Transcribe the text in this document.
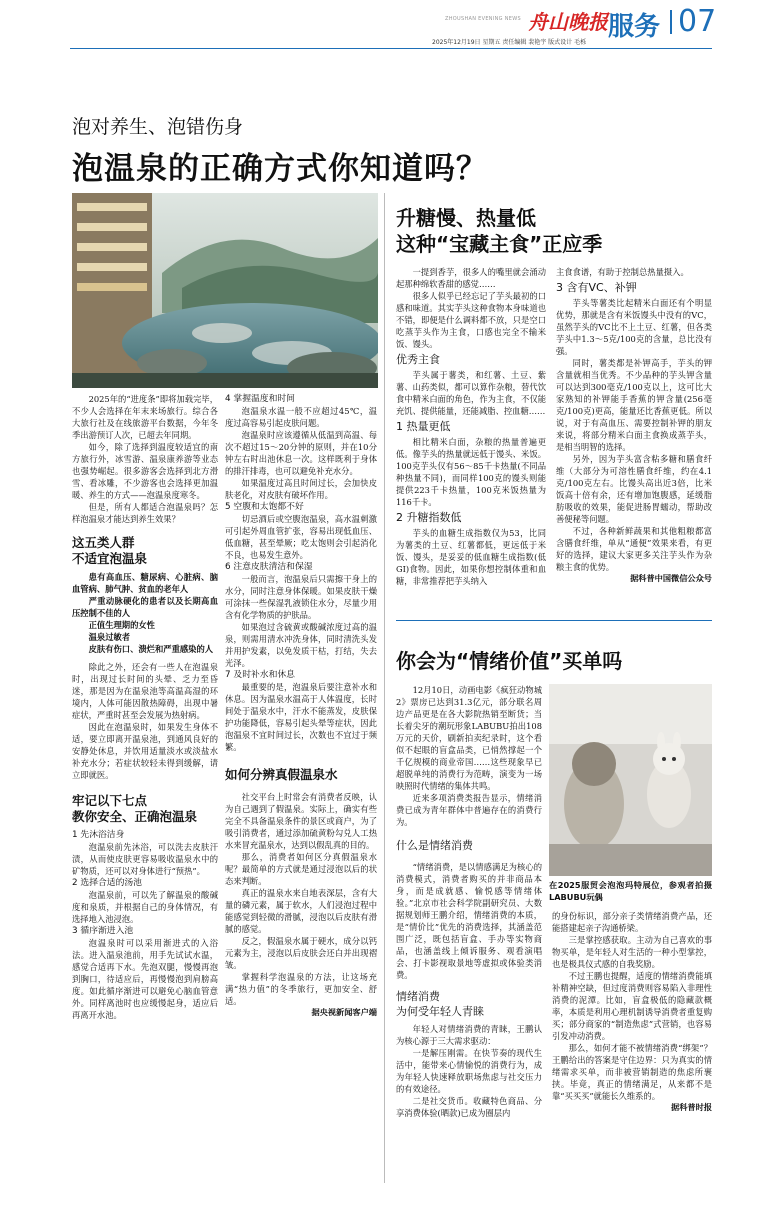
ZHOUSHAN EVENING NEWS 舟山晚报 服务 07
2025年12月19日 星期五 责任编辑 裴艳宇 版式设计 毛栎
泡对养生、泡错伤身
泡温泉的正确方式你知道吗？

2025年的“进度条”即将加载完毕，不少人会选择在年末来场旅行。综合各大旅行社及在线旅游平台数据，今年冬季出游预订人次，已超去年同期。

如今，除了选择到温度较适宜的南方旅行外，冰雪游、温泉康养游等业态也强势崛起。很多游客会选择到北方滑雪、看冰雕，不少游客也会选择更加温暖、养生的方式——泡温泉度寒冬。

但是，所有人都适合泡温泉吗？怎样泡温泉才能达到养生效果？

这五类人群
不适宜泡温泉

患有高血压、糖尿病、心脏病、脑血管病、肺气肿、贫血的老年人

严重动脉硬化的患者以及长期高血压控制不佳的人

正值生理期的女性

温泉过敏者

皮肤有伤口、溃烂和严重感染的人

除此之外，还会有一些人在泡温泉时，出现过长时间的头晕、乏力至昏迷，那是因为在温泉池等高温高湿的环境内，人体可能因散热障碍，出现中暑症状，严重时甚至会发展为热射病。

因此在泡温泉时，如果发生身体不适，要立即离开温泉池，到通风良好的安静处休息，并饮用适量淡水或淡盐水补充水分；若症状较轻未得到缓解，请立即就医。

牢记以下七点
教你安全、正确泡温泉
1 先沐浴洁身

泡温泉前先沐浴，可以洗去皮肤汗渍，从而使皮肤更容易吸收温泉水中的矿物质，还可以对身体进行“预热”。

2 选择合适的汤池

泡温泉前，可以先了解温泉的酸碱度和泉质，并根据自己的身体情况，有选择地入池浸泡。

3 循序渐进入池

泡温泉时可以采用渐进式的入浴法。进入温泉池前，用手先试试水温，感觉合适再下水。先泡双腿，慢慢再泡到胸口，待适应后，再慢慢泡到肩膀高度。如此循序渐进可以避免心脑血管意外。同样离池时也应缓慢起身，适应后再离开水池。

4 掌握温度和时间

泡温泉水温一般不应超过45℃，温度过高容易引起皮肤问题。

泡温泉时应该遵循从低温到高温、每次不超过15～20分钟的原则，并在10分钟左右时出池休息一次。这样既利于身体的排汗排毒，也可以避免补充水分。

如果温度过高且时间过长，会加快皮肤老化，对皮肤有破坏作用。

5 空腹和太饱都不好

切忌酒后或空腹泡温泉，高水温刺激可引起外周血管扩张，容易出现低血压、低血糖，甚至晕厥；吃太饱则会引起消化不良，也易发生意外。

6 注意皮肤清洁和保湿

一般而言，泡温泉后只需擦干身上的水分，同时注意身体保暖。如果皮肤干燥可涂抹一些保湿乳液锁住水分，尽量少用含有化学物质的护肤品。

如果泡过含硫黄或酸碱浓度过高的温泉，则需用清水冲洗身体，同时清洗头发并用护发素，以免发质干枯，打结，失去光泽。

7 及时补水和休息

最重要的是，泡温泉后要注意补水和休息。因为温泉水温高于人体温度，长时间处于温泉水中，汗水不能蒸发，皮肤保护功能降低，容易引起头晕等症状，因此泡温泉不宜时间过长，次数也不宜过于频繁。

如何分辨真假温泉水

社交平台上时常会有消费者反映，认为自己遇到了假温泉。实际上，确实有些完全不具备温泉条件的景区或商户，为了吸引消费者，通过添加硫黄粉勾兑人工热水来冒充温泉水，达到以假乱真的目的。

那么，消费者如何区分真假温泉水呢？最简单的方式就是通过浸泡以后的状态来判断。

真正的温泉水来自地表深层，含有大量的磷元素，属于软水，人们浸泡过程中能感觉到轻微的滑腻，浸泡以后皮肤有滑腻的感觉。

反之，假温泉水属于硬水，成分以钙元素为主，浸泡以后皮肤会还白并出现褶皱。

掌握科学泡温泉的方法，让这场充满“热力值”的冬季旅行，更加安全、舒适。

据央视新闻客户端
升糖慢、热量低
这种“宝藏主食”正应季

一提到香芋，很多人的嘴里就会涌动起那种绵软香甜的感觉……

很多人似乎已经忘记了芋头最初的口感和味道。其实芋头这种食物本身味道也不错，即便是什么调料都不放，只是空口吃蒸芋头作为主食，口感也完全不输米饭、馒头。

优秀主食

芋头属于薯类，和红薯、土豆、紫薯、山药类似，都可以算作杂粮，替代饮食中精米白面的角色，作为主食，不仅能充饥、提供能量，还能减脂、控血糖……

1 热量更低

相比精米白面，杂粮的热量普遍更低。像芋头的热量就远低于馒头、米饭。100克芋头仅有56～85千卡热量(不同品种热量不同)，而同样100克的馒头则能提供223千卡热量，100克米饭热量为116千卡。

2 升糖指数低

芋头的血糖生成指数仅为53，比同为薯类的土豆、红薯都低，更远低于米饭、馒头，是妥妥的低血糖生成指数(低GI)食物。因此，如果你想控制体重和血糖，非常推荐把芋头纳入

主食食谱，有助于控制总热量摄入。

3 含有VC、补钾

芋头等薯类比起精米白面还有个明显优势，那就是含有米饭馒头中没有的VC，虽然芋头的VC比不上土豆、红薯，但各类芋头中1.3～5克/100克的含量，总比没有强。

同时，薯类都是补钾高手，芋头的钾含量就相当优秀。不少品种的芋头钾含量可以达到300毫克/100克以上，这可比大家熟知的补钾能手香蕉的钾含量(256毫克/100克)更高，能量还比香蕉更低。所以说，对于有高血压、需要控制补钾的朋友来说，将部分精米白面主食换成蒸芋头，是相当明智的选择。

另外，因为芋头富含粘多糖和膳食纤维（大部分为可溶性膳食纤维，约在4.1克/100克左右。比馒头高出近3倍，比米饭高十倍有余，还有增加饱腹感，延缓脂肪吸收的效果，能促进肠胃蠕动，帮助改善便秘等问题。

不过，各种新鲜蔬果和其他粗粮都富含膳食纤维，单从“通便”效果来看，有更好的选择，建议大家更多关注芋头作为杂粮主食的优势。

据科普中国微信公众号
你会为“情绪价值”买单吗

12月10日，动画电影《疯狂动物城2》票房已达到31.3亿元，部分联名周边产品更是在各大影院热销至断货；当长着尖牙的潮玩形象LABUBU拍出108万元的天价，刷新拍卖纪录时，这个看似不起眼的盲盒品类，已悄然撑起一个千亿规模的商业帝国……这些现象早已超脱单纯的消费行为范畴，演变为一场映照时代情绪的集体共鸣。

近来多项消费类报告显示，情绪消费已成为青年群体中普遍存在的消费行为。

什么是情绪消费

“情绪消费，是以情感满足为核心的消费模式，消费者购买的并非商品本身，而是成就感、愉悦感等情绪体验。”北京市社会科学院副研究员、大数据规划师王鹏介绍，情绪消费的本质，是“情价比”优先的消费选择，其涵盖范围广泛，既包括盲盒、手办等实物商品，也涵盖线上倾诉服务、观看演唱会、打卡影视取景地等虚拟或体验类消费。

情绪消费
为何受年轻人青睐

年轻人对情绪消费的青睐，王鹏认为核心源于三大需求驱动：

一是解压刚需。在快节奏的现代生活中，能带来心情愉悦的消费行为，成为年轻人快速释放职场焦虑与社交压力的有效途径。

二是社交货币。收藏特色商品、分享消费体验(晒款)已成为圈层内

在2025服贸会泡泡玛特展位，参观者拍摄LABUBU玩偶

的身份标识，部分亲子类情绪消费产品，还能搭建起亲子沟通桥梁。

三是掌控感获取。主动为自己喜欢的事物买单，是年轻人对生活的一种小型掌控，也是极具仪式感的自我奖励。

不过王鹏也提醒，适度的情绪消费能填补精神空缺，但过度消费则容易陷入非理性消费的泥潭。比如，盲盒极低的隐藏款概率，本质是利用心理机制诱导消费者重复购买；部分商家的“制造焦虑”式营销，也容易引发冲动消费。

那么，如何才能不被情绪消费“绑架”？王鹏给出的答案是守住边界：只为真实的情绪需求买单，而非被营销制造的焦虑所裹挟。毕竟，真正的情绪满足，从来都不是靠“买买买”就能长久维系的。

据科普时报
